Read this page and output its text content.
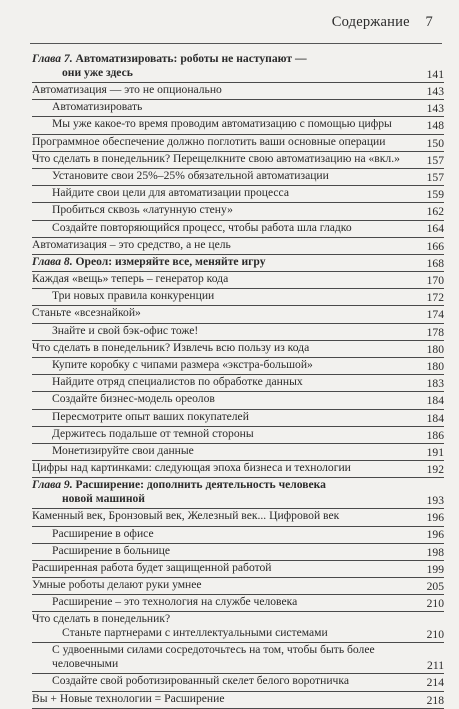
Содержание 7
Глава 7. Автоматизировать: роботы не наступают —
они уже здесь	141
Автоматизация — это не опционально	143
Автоматизировать	143
Мы уже какое-то время проводим автоматизацию с помощью цифры	148
Программное обеспечение должно поглотить ваши основные операции	150
Что сделать в понедельник? Перещелкните свою автоматизацию на «вкл.» 157
Установите свои 25%–25% обязательной автоматизации	157
Найдите свои цели для автоматизации процесса	159
Пробиться сквозь «латунную стену»	162
Создайте повторяющийся процесс, чтобы работа шла гладко	164
Автоматизация – это средство, а не цель	166
Глава 8. Ореол: измеряйте все, меняйте игру	168
Каждая «вещь» теперь – генератор кода	170
Три новых правила конкуренции	172
Станьте «всезнайкой»	174
Знайте и свой бэк-офис тоже!	178
Что сделать в понедельник? Извлечь всю пользу из кода	180
Купите коробку с чипами размера «экстра-большой»	180
Найдите отряд специалистов по обработке данных	183
Создайте бизнес-модель ореолов	184
Пересмотрите опыт ваших покупателей	184
Держитесь подальше от темной стороны	186
Монетизируйте свои данные	191
Цифры над картинками: следующая эпоха бизнеса и технологии	192
Глава 9. Расширение: дополнить деятельность человека
новой машиной	193
Каменный век, Бронзовый век, Железный век... Цифровой век	196
Расширение в офисе	196
Расширение в больнице	198
Расширенная работа будет защищенной работой	199
Умные роботы делают руки умнее	205
Расширение – это технология на службе человека	210
Что сделать в понедельник?
Станьте партнерами с интеллектуальными системами	210
С удвоенными силами сосредоточьтесь на том, чтобы быть более
человечными	211
Создайте свой роботизированный скелет белого воротничка	214
Вы + Новые технологии = Расширение	218
